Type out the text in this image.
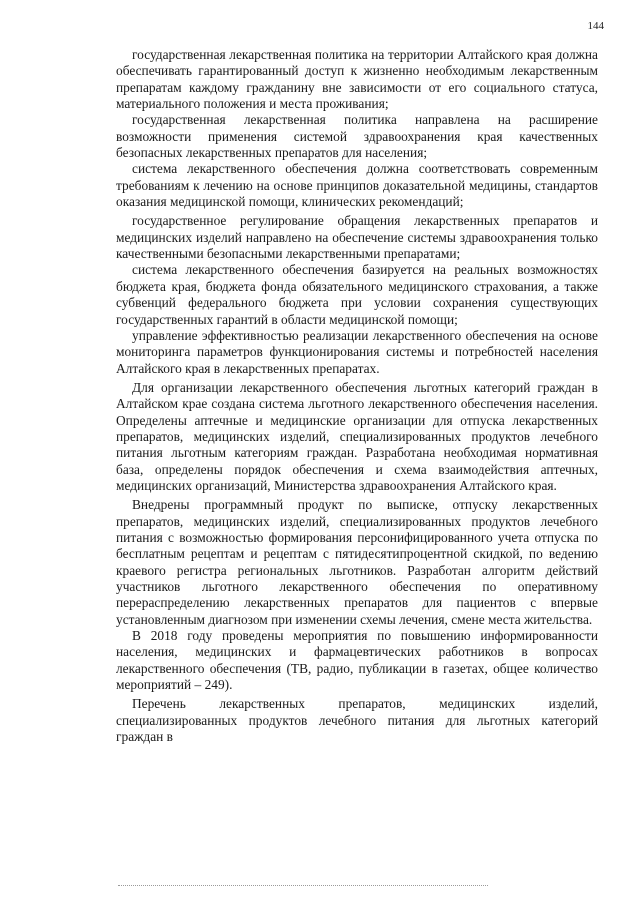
144

государственная лекарственная политика на территории Алтайского края должна обеспечивать гарантированный доступ к жизненно необходимым лекарственным препаратам каждому гражданину вне зависимости от его социального статуса, материального положения и места проживания;

государственная лекарственная политика направлена на расширение возможности применения системой здравоохранения края качественных безопасных лекарственных препаратов для населения;

система лекарственного обеспечения должна соответствовать современным требованиям к лечению на основе принципов доказательной медицины, стандартов оказания медицинской помощи, клинических рекомендаций;

государственное регулирование обращения лекарственных препаратов и медицинских изделий направлено на обеспечение системы здравоохранения только качественными безопасными лекарственными препаратами;

система лекарственного обеспечения базируется на реальных возможностях бюджета края, бюджета фонда обязательного медицинского страхования, а также субвенций федерального бюджета при условии сохранения существующих государственных гарантий в области медицинской помощи;

управление эффективностью реализации лекарственного обеспечения на основе мониторинга параметров функционирования системы и потребностей населения Алтайского края в лекарственных препаратах.

Для организации лекарственного обеспечения льготных категорий граждан в Алтайском крае создана система льготного лекарственного обеспечения населения. Определены аптечные и медицинские организации для отпуска лекарственных препаратов, медицинских изделий, специализированных продуктов лечебного питания льготным категориям граждан. Разработана необходимая нормативная база, определены порядок обеспечения и схема взаимодействия аптечных, медицинских организаций, Министерства здравоохранения Алтайского края.

Внедрены программный продукт по выписке, отпуску лекарственных препаратов, медицинских изделий, специализированных продуктов лечебного питания с возможностью формирования персонифицированного учета отпуска по бесплатным рецептам и рецептам с пятидесятипроцентной скидкой, по ведению краевого регистра региональных льготников. Разработан алгоритм действий участников льготного лекарственного обеспечения по оперативному перераспределению лекарственных препаратов для пациентов с впервые установленным диагнозом при изменении схемы лечения, смене места жительства.

В 2018 году проведены мероприятия по повышению информированности населения, медицинских и фармацевтических работников в вопросах лекарственного обеспечения (ТВ, радио, публикации в газетах, общее количество мероприятий – 249).

Перечень лекарственных препаратов, медицинских изделий, специализированных продуктов лечебного питания для льготных категорий граждан в
